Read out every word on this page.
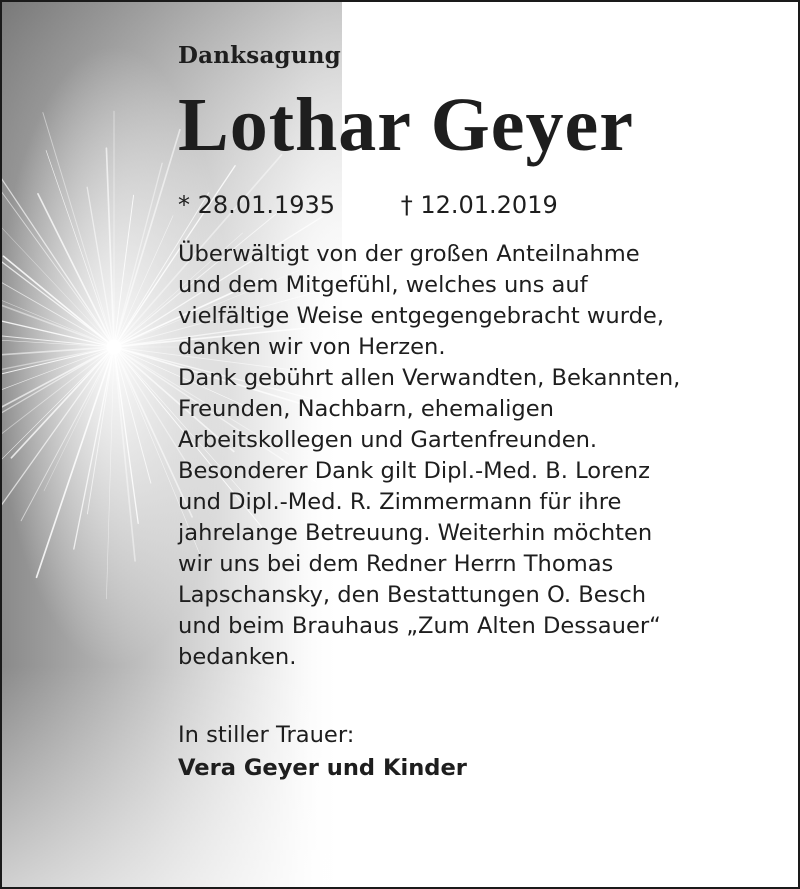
Danksagung

Lothar Geyer
* 28.01.1935	† 12.01.2019
Überwältigt von der großen Anteilnahme
und dem Mitgefühl, welches uns auf
vielfältige Weise entgegengebracht wurde,
danken wir von Herzen.
Dank gebührt allen Verwandten, Bekannten,
Freunden, Nachbarn, ehemaligen
Arbeitskollegen und Gartenfreunden.
Besonderer Dank gilt Dipl.-Med. B. Lorenz
und Dipl.-Med. R. Zimmermann für ihre
jahrelange Betreuung. Weiterhin möchten
wir uns bei dem Redner Herrn Thomas
Lapschansky, den Bestattungen O. Besch
und beim Brauhaus „Zum Alten Dessauer“
bedanken.
In stiller Trauer:
Vera Geyer und Kinder
